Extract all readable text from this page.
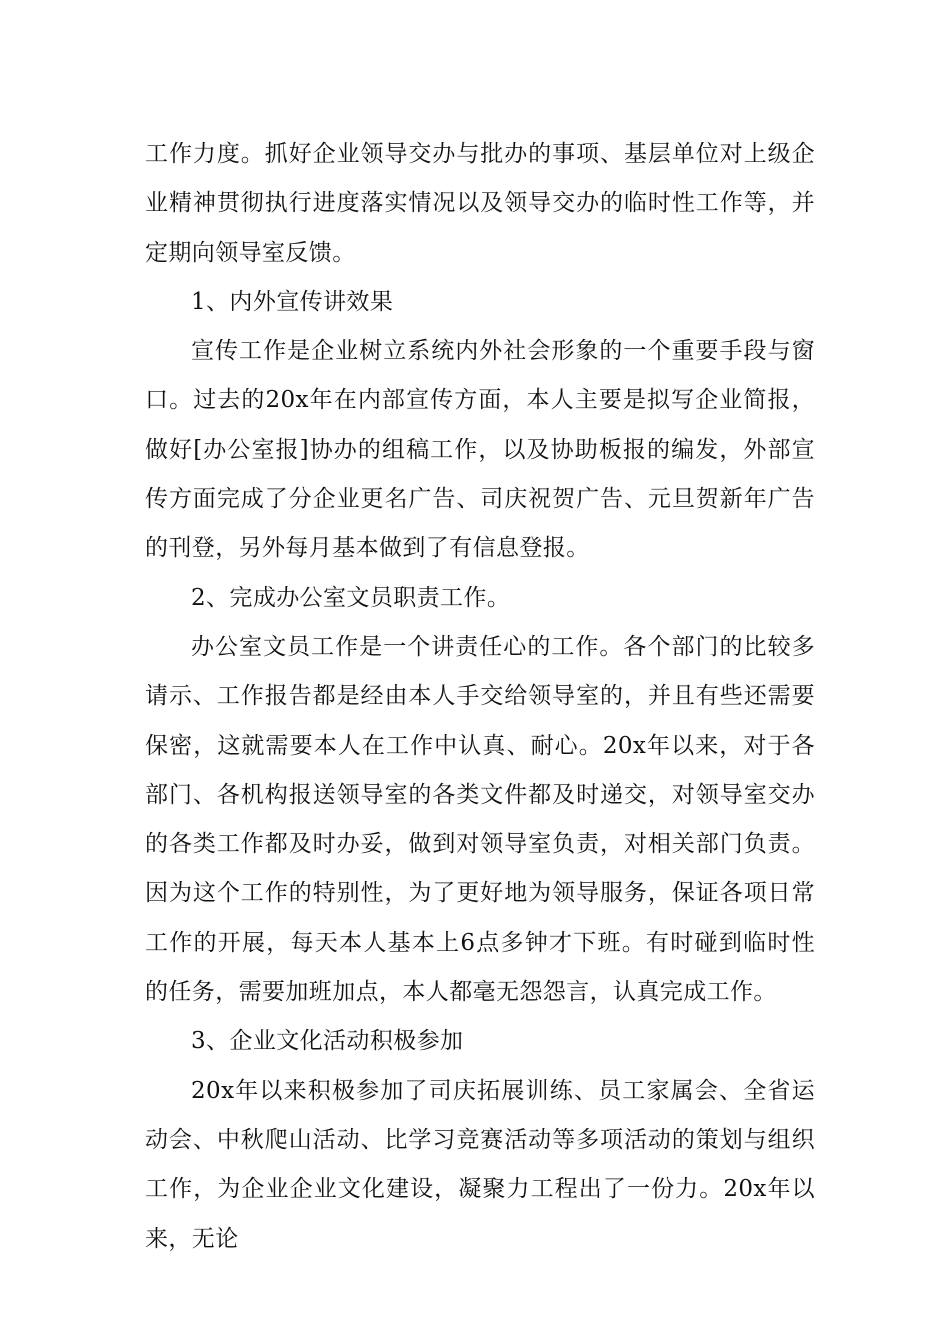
工作力度。抓好企业领导交办与批办的事项、基层单位对上级企业精神贯彻执行进度落实情况以及领导交办的临时性工作等，并定期向领导室反馈。

1、内外宣传讲效果

宣传工作是企业树立系统内外社会形象的一个重要手段与窗口。过去的20x年在内部宣传方面，本人主要是拟写企业简报，做好[办公室报]协办的组稿工作，以及协助板报的编发，外部宣传方面完成了分企业更名广告、司庆祝贺广告、元旦贺新年广告的刊登，另外每月基本做到了有信息登报。

2、完成办公室文员职责工作。

办公室文员工作是一个讲责任心的工作。各个部门的比较多请示、工作报告都是经由本人手交给领导室的，并且有些还需要保密，这就需要本人在工作中认真、耐心。20x年以来，对于各部门、各机构报送领导室的各类文件都及时递交，对领导室交办的各类工作都及时办妥，做到对领导室负责，对相关部门负责。因为这个工作的特别性，为了更好地为领导服务，保证各项日常工作的开展，每天本人基本上6点多钟才下班。有时碰到临时性的任务，需要加班加点，本人都毫无怨怨言，认真完成工作。

3、企业文化活动积极参加

20x年以来积极参加了司庆拓展训练、员工家属会、全省运动会、中秋爬山活动、比学习竞赛活动等多项活动的策划与组织工作，为企业企业文化建设，凝聚力工程出了一份力。20x年以来，无论
